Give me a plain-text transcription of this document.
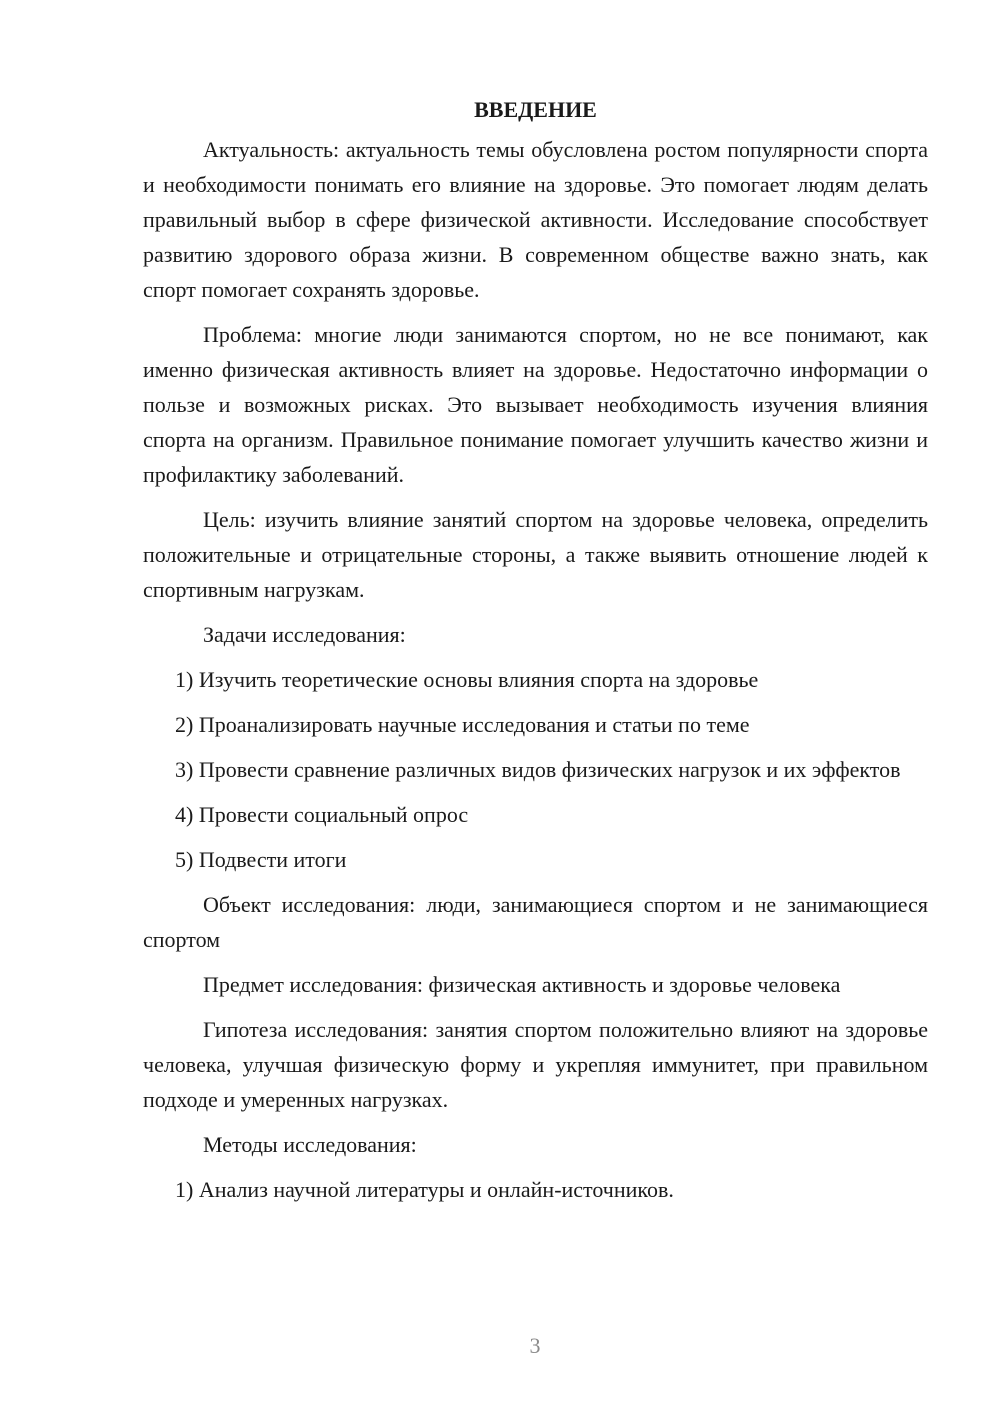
ВВЕДЕНИЕ

Актуальность: актуальность темы обусловлена ростом популярности спорта и необходимости понимать его влияние на здоровье. Это помогает людям делать правильный выбор в сфере физической активности. Исследование способствует развитию здорового образа жизни. В современном обществе важно знать, как спорт помогает сохранять здоровье.

Проблема: многие люди занимаются спортом, но не все понимают, как именно физическая активность влияет на здоровье. Недостаточно информации о пользе и возможных рисках. Это вызывает необходимость изучения влияния спорта на организм. Правильное понимание помогает улучшить качество жизни и профилактику заболеваний.

Цель: изучить влияние занятий спортом на здоровье человека, определить положительные и отрицательные стороны, а также выявить отношение людей к спортивным нагрузкам.

Задачи исследования:

1) Изучить теоретические основы влияния спорта на здоровье

2) Проанализировать научные исследования и статьи по теме

3) Провести сравнение различных видов физических нагрузок и их эффектов

4) Провести социальный опрос

5) Подвести итоги

Объект исследования: люди, занимающиеся спортом и не занимающиеся спортом

Предмет исследования: физическая активность и здоровье человека

Гипотеза исследования: занятия спортом положительно влияют на здоровье человека, улучшая физическую форму и укрепляя иммунитет, при правильном подходе и умеренных нагрузках.

Методы исследования:

1) Анализ научной литературы и онлайн-источников.

3
